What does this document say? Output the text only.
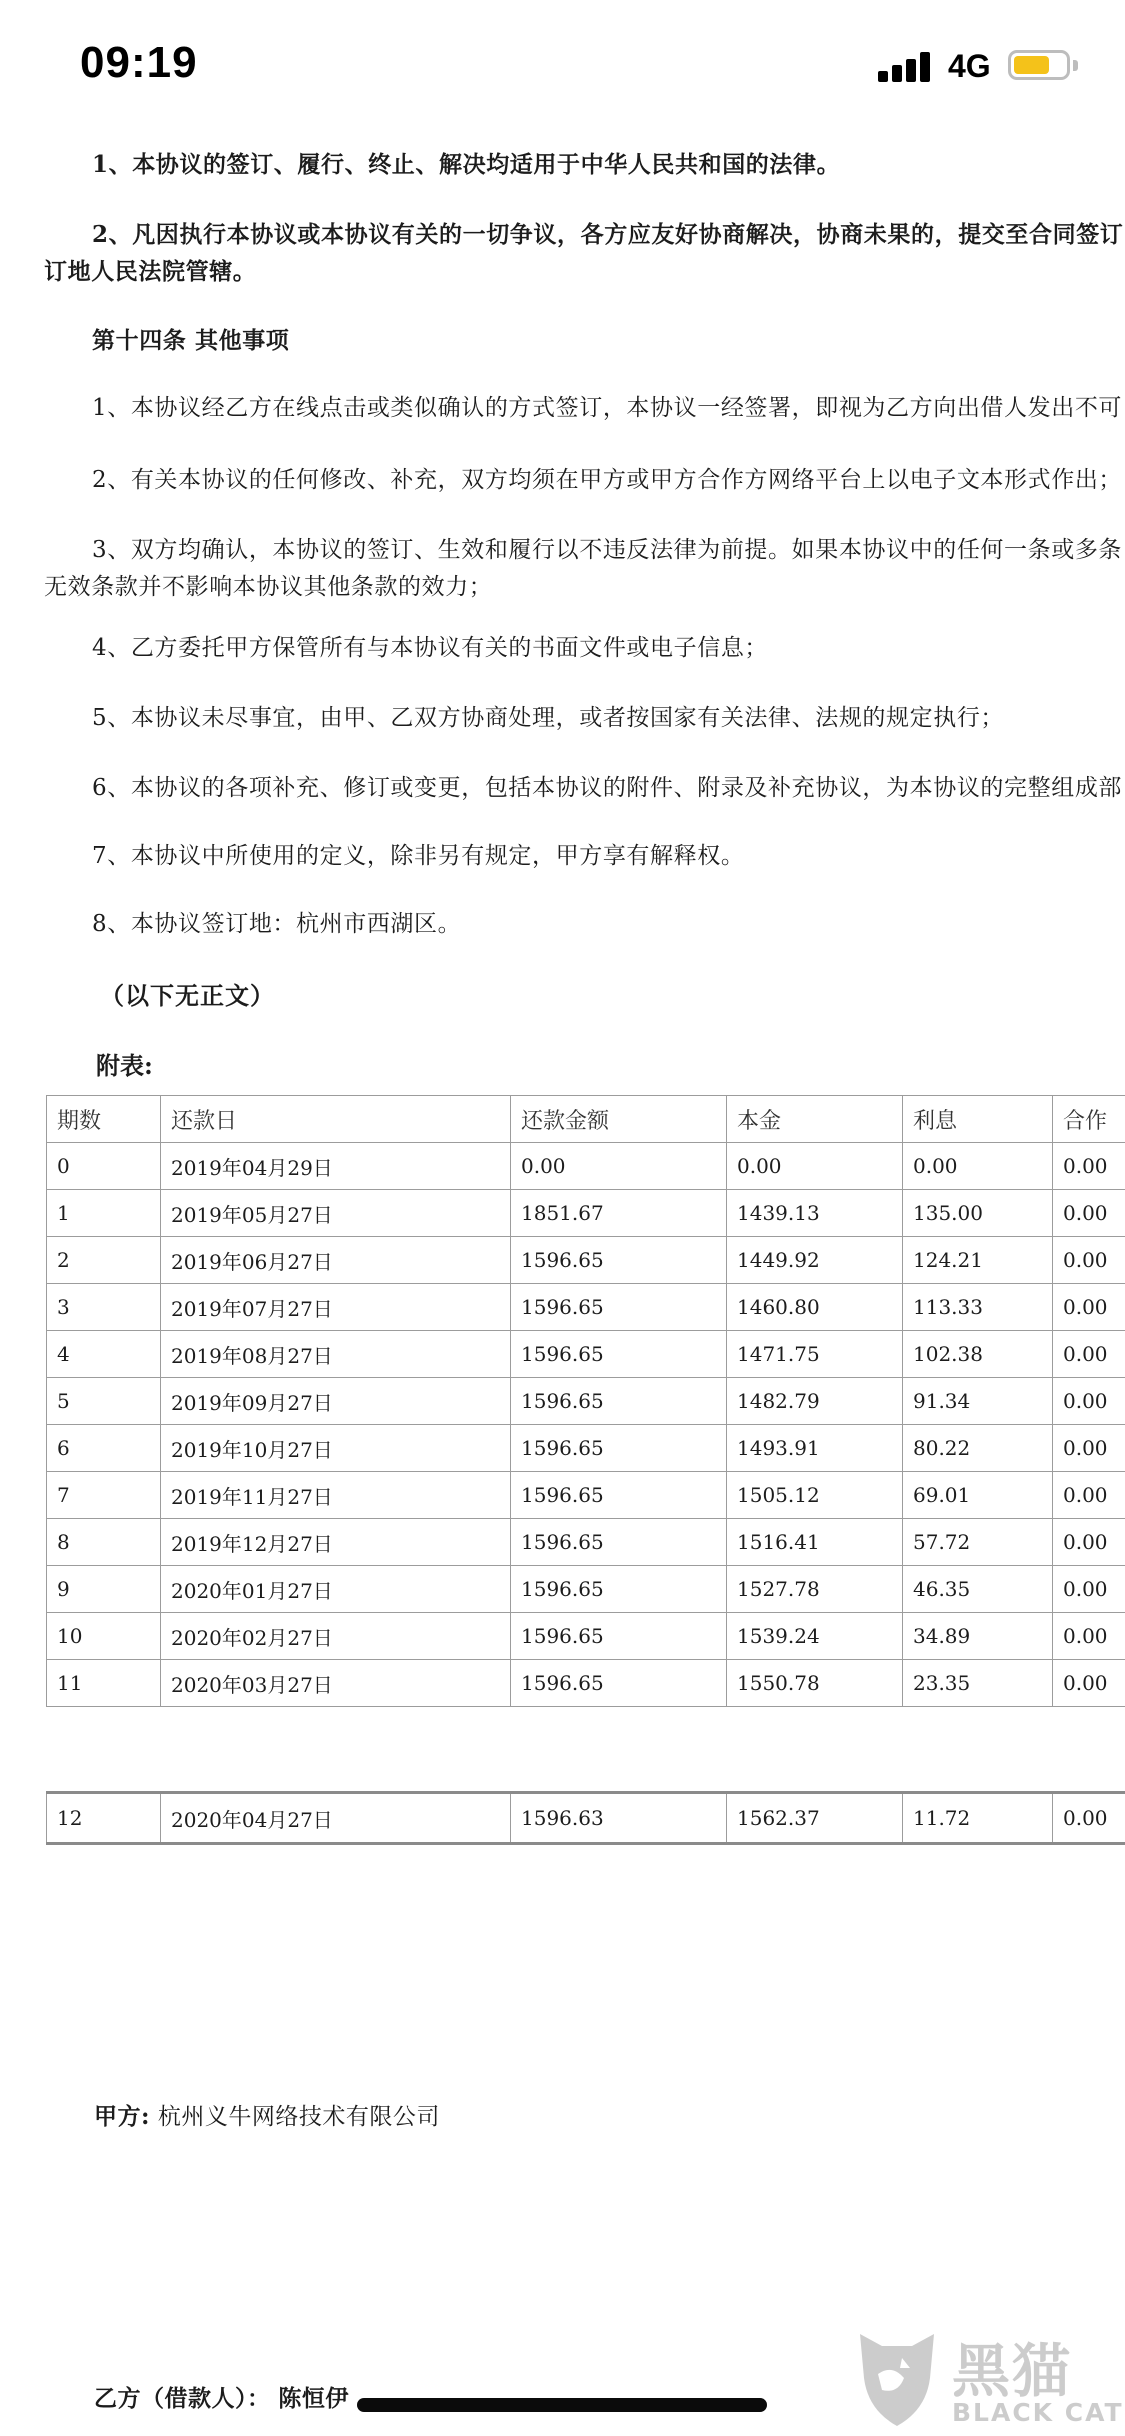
09:19	4G
1、本协议的签订、履行、终止、解决均适用于中华人民共和国的法律。
2、凡因执行本协议或本协议有关的一切争议，各方应友好协商解决，协商未果的，提交至合同签订
订地人民法院管辖。
第十四条 其他事项
1、本协议经乙方在线点击或类似确认的方式签订，本协议一经签署，即视为乙方向出借人发出不可
2、有关本协议的任何修改、补充，双方均须在甲方或甲方合作方网络平台上以电子文本形式作出；
3、双方均确认，本协议的签订、生效和履行以不违反法律为前提。如果本协议中的任何一条或多条
无效条款并不影响本协议其他条款的效力；
4、乙方委托甲方保管所有与本协议有关的书面文件或电子信息；
5、本协议未尽事宜，由甲、乙双方协商处理，或者按国家有关法律、法规的规定执行；
6、本协议的各项补充、修订或变更，包括本协议的附件、附录及补充协议，为本协议的完整组成部
7、本协议中所使用的定义，除非另有规定，甲方享有解释权。
8、本协议签订地：杭州市西湖区。
（以下无正文）
附表:
期数	还款日	还款金额	本金	利息	合作
0	2019年04月29日	0.00	0.00	0.00	0.00
1	2019年05月27日	1851.67	1439.13	135.00	0.00
2	2019年06月27日	1596.65	1449.92	124.21	0.00
3	2019年07月27日	1596.65	1460.80	113.33	0.00
4	2019年08月27日	1596.65	1471.75	102.38	0.00
5	2019年09月27日	1596.65	1482.79	91.34	0.00
6	2019年10月27日	1596.65	1493.91	80.22	0.00
7	2019年11月27日	1596.65	1505.12	69.01	0.00
8	2019年12月27日	1596.65	1516.41	57.72	0.00
9	2020年01月27日	1596.65	1527.78	46.35	0.00
10	2020年02月27日	1596.65	1539.24	34.89	0.00
11	2020年03月27日	1596.65	1550.78	23.35	0.00

12	2020年04月27日	1596.63	1562.37	11.72	0.00
甲方: 杭州义牛网络技术有限公司
乙方（借款人）： 陈恒伊	黑猫
BLACK CAT
